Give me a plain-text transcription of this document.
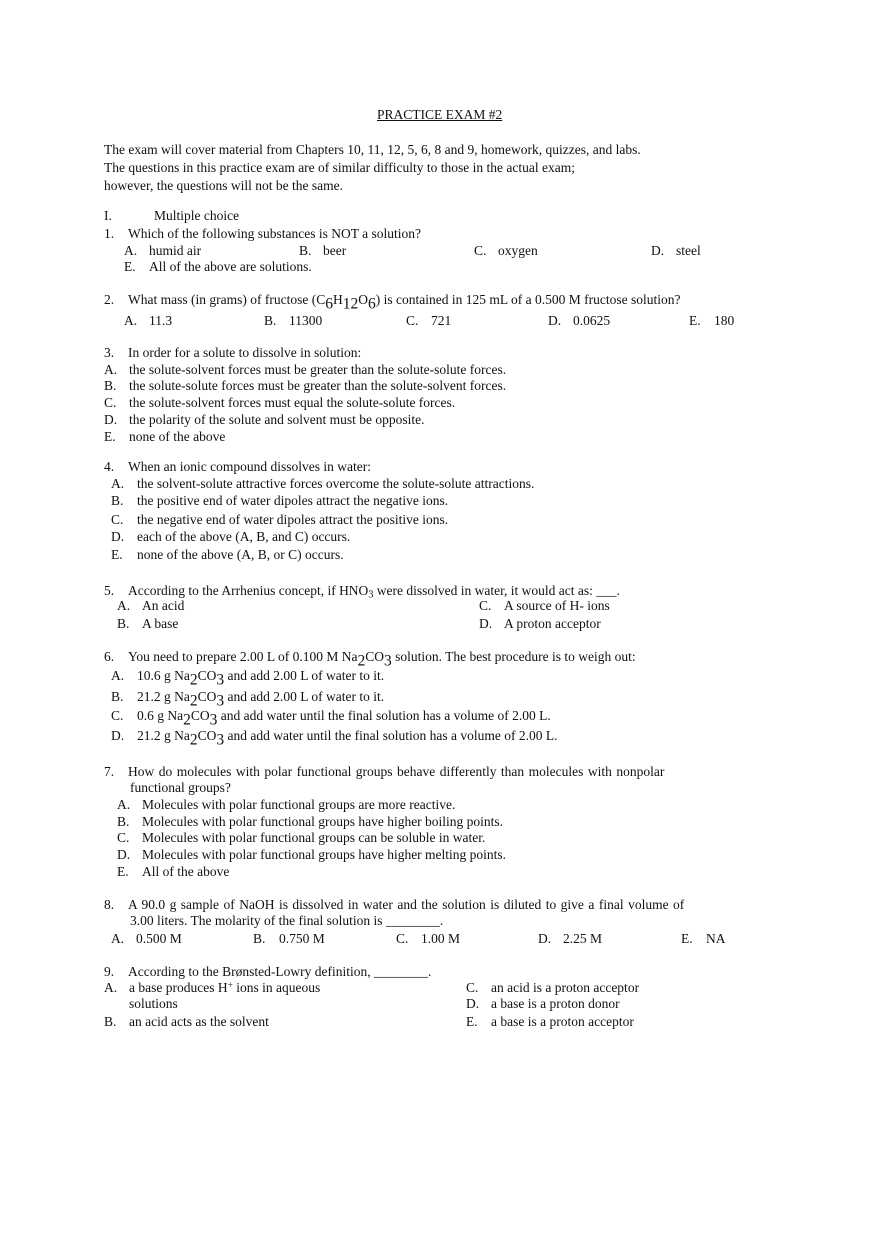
PRACTICE EXAM #2
The exam will cover material from Chapters 10, 11, 12, 5, 6, 8 and 9, homework, quizzes, and labs.
The questions in this practice exam are of similar difficulty to those in the actual exam;
however, the questions will not be the same.
I.	Multiple choice
1. Which of the following substances is NOT a solution?
A. humid air	B. beer	C. oxygen	D. steel
E. All of the above are solutions.
2. What mass (in grams) of fructose $(C_6H_{12}O_6)$ is contained in 125 mL of a 0.500 M fructose solution?
A. 11.3	B. 11300	C. 721	D. 0.0625	E. 180
3. In order for a solute to dissolve in solution:
A. the solute-solvent forces must be greater than the solute-solute forces.
B. the solute-solute forces must be greater than the solute-solvent forces.
C. the solute-solvent forces must equal the solute-solute forces.
D. the polarity of the solute and solvent must be opposite.
E. none of the above
4. When an ionic compound dissolves in water:
A. the solvent-solute attractive forces overcome the solute-solute attractions.
B. the positive end of water dipoles attract the negative ions.
C. the negative end of water dipoles attract the positive ions.
D. each of the above (A, B, and C) occurs.
E. none of the above (A, B, or C) occurs.
5. According to the Arrhenius concept, if $HNO_3$ were dissolved in water, it would act as: ___.
A. An acid
B. A base
C. A source of H- ions
D. A proton acceptor
6. You need to prepare 2.00 L of 0.100 M $Na_2CO_3$ solution. The best procedure is to weigh out:
A. 10.6 g $Na_2CO_3$ and add 2.00 L of water to it.
B. 21.2 g $Na_2CO_3$ and add 2.00 L of water to it.
C. 0.6 g $Na_2CO_3$ and add water until the final solution has a volume of 2.00 L.
D. 21.2 g $Na_2CO_3$ and add water until the final solution has a volume of 2.00 L.
7. How do molecules with polar functional groups behave differently than molecules with nonpolar
functional groups?
A. Molecules with polar functional groups are more reactive.
B. Molecules with polar functional groups have higher boiling points.
C. Molecules with polar functional groups can be soluble in water.
D. Molecules with polar functional groups have higher melting points.
E. All of the above
8. A 90.0 g sample of NaOH is dissolved in water and the solution is diluted to give a final volume of
3.00 liters. The molarity of the final solution is ________.
A. 0.500 M	B. 0.750 M	C. 1.00 M	D. 2.25 M	E. NA
9. According to the Brønsted-Lowry definition, ________.
A. a base produces H+ ions in aqueous
solutions
B. an acid acts as the solvent
C. an acid is a proton acceptor
D. a base is a proton donor
E. a base is a proton acceptor
